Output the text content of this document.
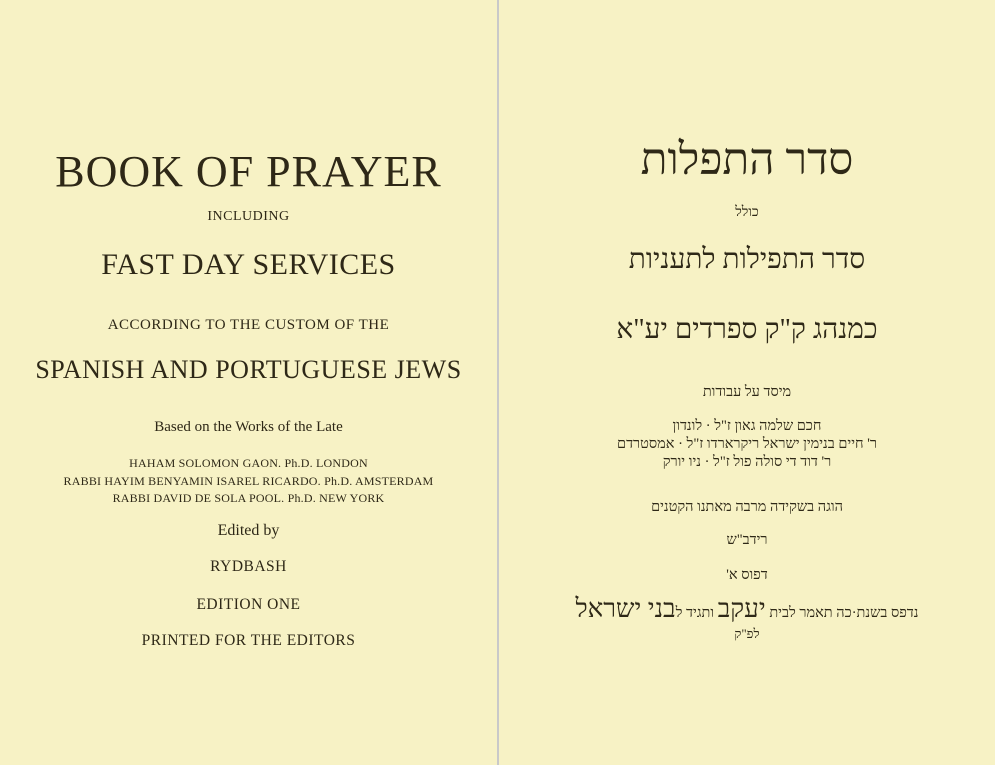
BOOK OF PRAYER
INCLUDING
FAST DAY SERVICES
ACCORDING TO THE CUSTOM OF THE
SPANISH AND PORTUGUESE JEWS
Based on the Works of the Late
HAHAM SOLOMON GAON. Ph.D. LONDON
RABBI HAYIM BENYAMIN ISAREL RICARDO. Ph.D. AMSTERDAM
RABBI DAVID DE SOLA POOL. Ph.D. NEW YORK
Edited by
RYDBASH
EDITION ONE
PRINTED FOR THE EDITORS
סדר התפלות
כולל
סדר התפילות לתעניות
כמנהג ק"ק ספרדים יע"א
מיסד על עבודות
חכם שלמה גאון ז"ל · לונדון
ר' חיים בנימין ישראל ריקרארדו ז"ל · אמסטרדם
ר' דוד די סולה פול ז"ל · ניו יורק
הוגה בשקידה מרבה מאתנו הקטנים
רידב"ש
דפוס א'
נדפס בשנת·כה תאמר לבית יעקב ותגיד לבני ישראל
לפ"ק
